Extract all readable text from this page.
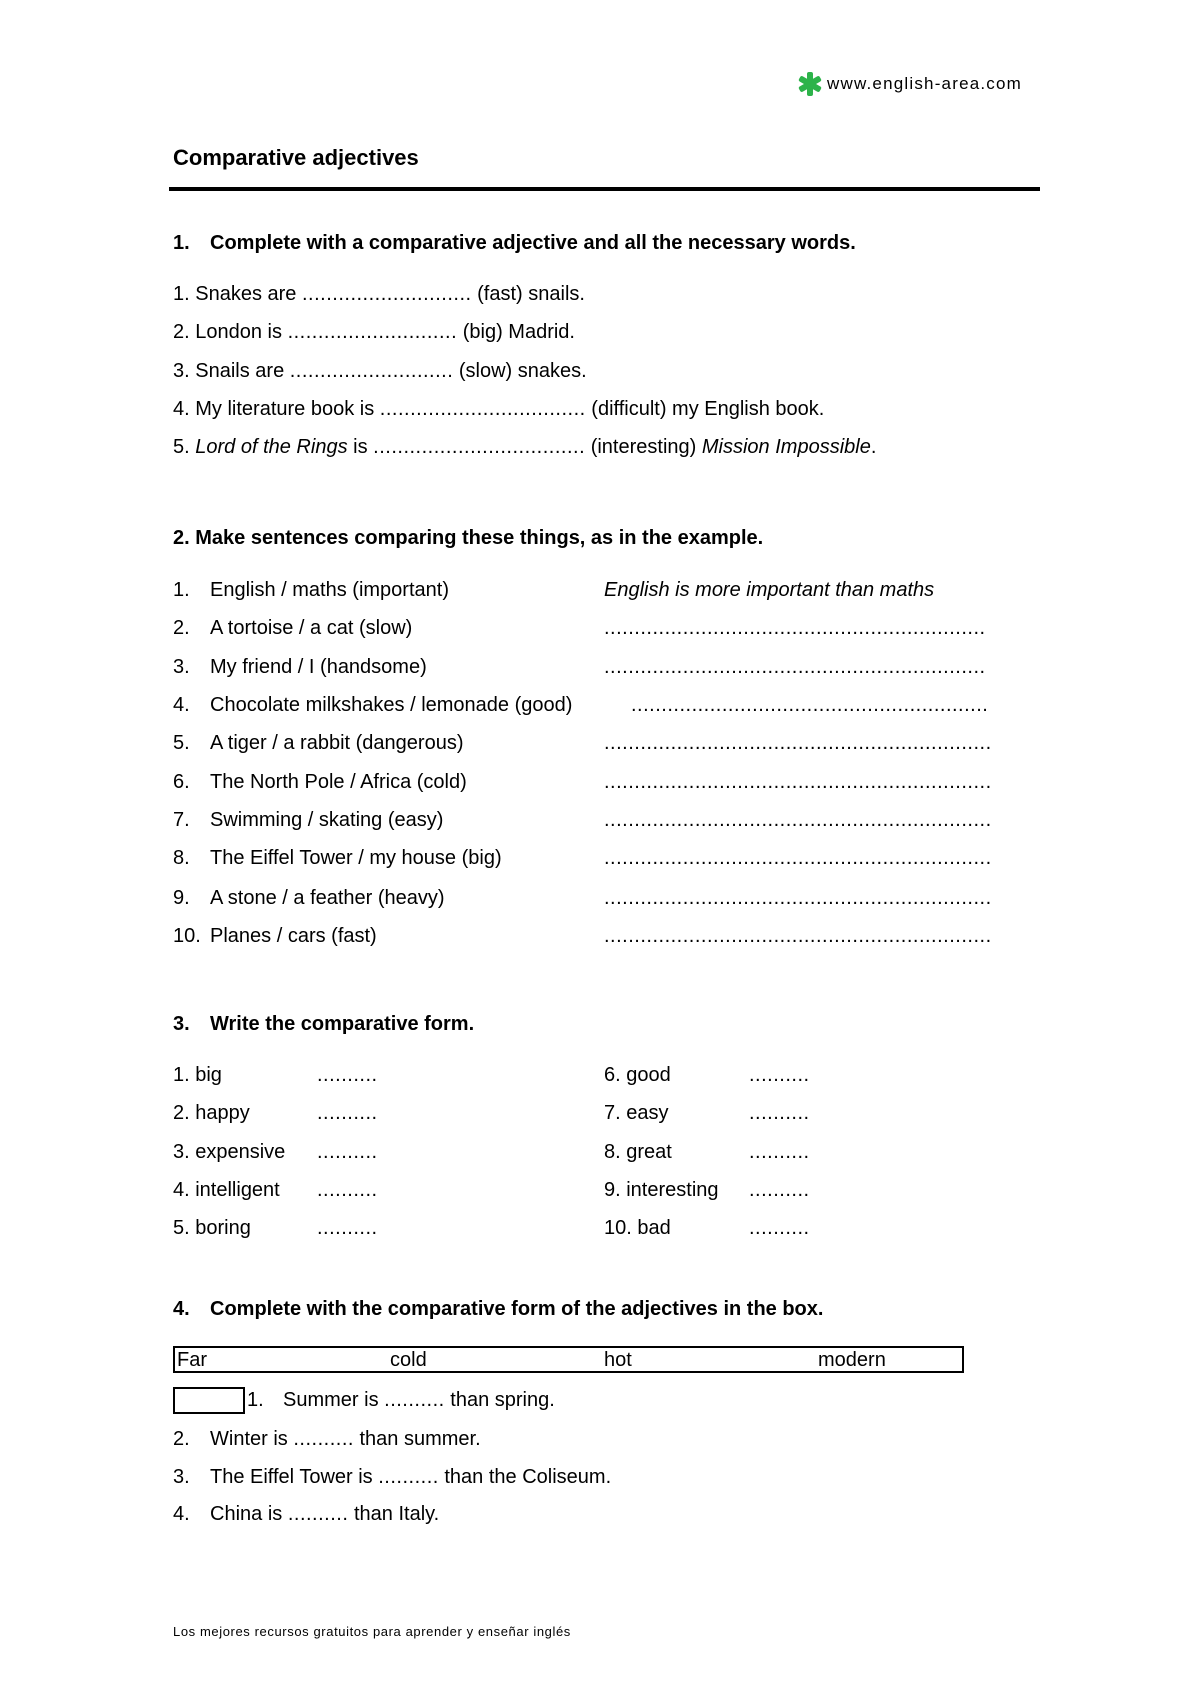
www.english-area.com
Comparative adjectives
1. Complete with a comparative adjective and all the necessary words.
1. Snakes are ............................ (fast) snails.
2. London is ............................ (big) Madrid.
3. Snails are ........................... (slow) snakes.
4. My literature book is .................................. (difficult) my English book.
5. Lord of the Rings is ................................... (interesting) Mission Impossible.
2. Make sentences comparing these things, as in the example.
1. English / maths (important)	English is more important than maths
2. A tortoise / a cat (slow)	...............................................................
3. My friend / I (handsome)	...............................................................
4. Chocolate milkshakes / lemonade (good)	...........................................................
5. A tiger / a rabbit (dangerous)	................................................................
6. The North Pole / Africa (cold)	................................................................
7. Swimming / skating (easy)	................................................................
8. The Eiffel Tower / my house (big)	................................................................
9. A stone / a feather (heavy)	................................................................
10. Planes / cars (fast)	................................................................
3. Write the comparative form.
1. big	..........
2. happy	..........
3. expensive ..........
4. intelligent ..........
5. boring	..........
6. good	..........
7. easy	..........
8. great	..........
9. interesting ..........
10. bad	..........
4. Complete with the comparative form of the adjectives in the box.
Far	cold	hot	modern
1. Summer is .......... than spring.
2. Winter is .......... than summer.
3. The Eiffel Tower is .......... than the Coliseum.
4. China is .......... than Italy.
Los mejores recursos gratuitos para aprender y enseñar inglés
